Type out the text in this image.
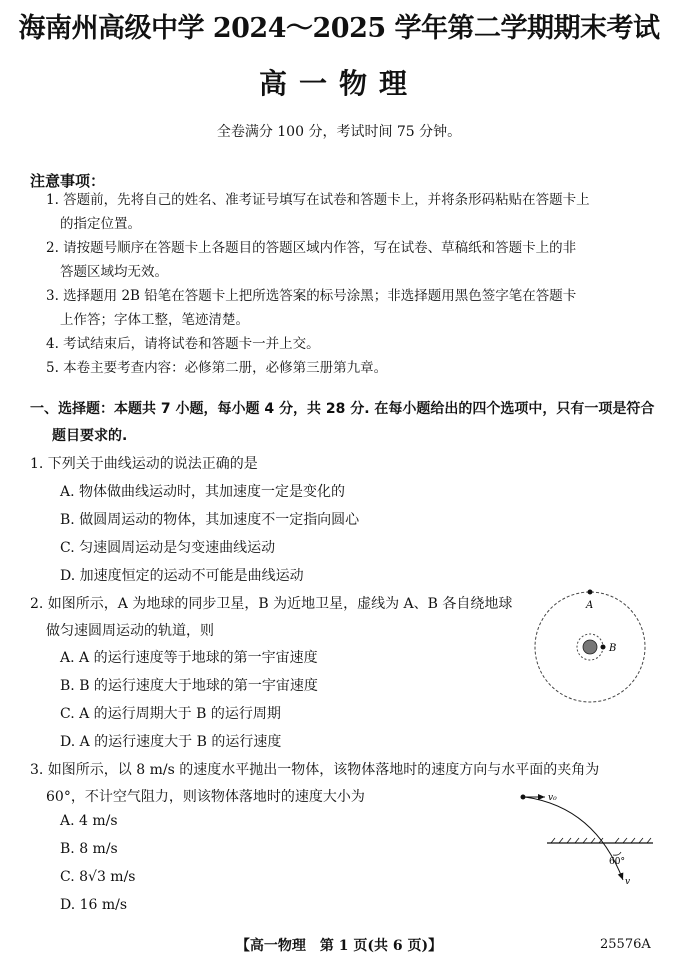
海南州高级中学 2024～2025 学年第二学期期末考试
高一物理
全卷满分 100 分，考试时间 75 分钟。
注意事项：
1. 答题前，先将自己的姓名、准考证号填写在试卷和答题卡上，并将条形码粘贴在答题卡上
的指定位置。
2. 请按题号顺序在答题卡上各题目的答题区域内作答，写在试卷、草稿纸和答题卡上的非
答题区域均无效。
3. 选择题用 2B 铅笔在答题卡上把所选答案的标号涂黑；非选择题用黑色签字笔在答题卡
上作答；字体工整，笔迹清楚。
4. 考试结束后，请将试卷和答题卡一并上交。
5. 本卷主要考查内容：必修第二册，必修第三册第九章。
一、选择题：本题共 7 小题，每小题 4 分，共 28 分. 在每小题给出的四个选项中，只有一项是符合
题目要求的.
1. 下列关于曲线运动的说法正确的是
A. 物体做曲线运动时，其加速度一定是变化的
B. 做圆周运动的物体，其加速度不一定指向圆心
C. 匀速圆周运动是匀变速曲线运动
D. 加速度恒定的运动不可能是曲线运动
2. 如图所示，A 为地球的同步卫星，B 为近地卫星，虚线为 A、B 各自绕地球
做匀速圆周运动的轨道，则
A. A 的运行速度等于地球的第一宇宙速度
B. B 的运行速度大于地球的第一宇宙速度
C. A 的运行周期大于 B 的运行周期
D. A 的运行速度大于 B 的运行速度
A
B
3. 如图所示，以 8 m/s 的速度水平抛出一物体，该物体落地时的速度方向与水平面的夹角为
60°，不计空气阻力，则该物体落地时的速度大小为
A. 4 m/s
B. 8 m/s
C. 8√3 m/s
D. 16 m/s
v₀
60°
v
【高一物理　第 1 页(共 6 页)】	25576A
